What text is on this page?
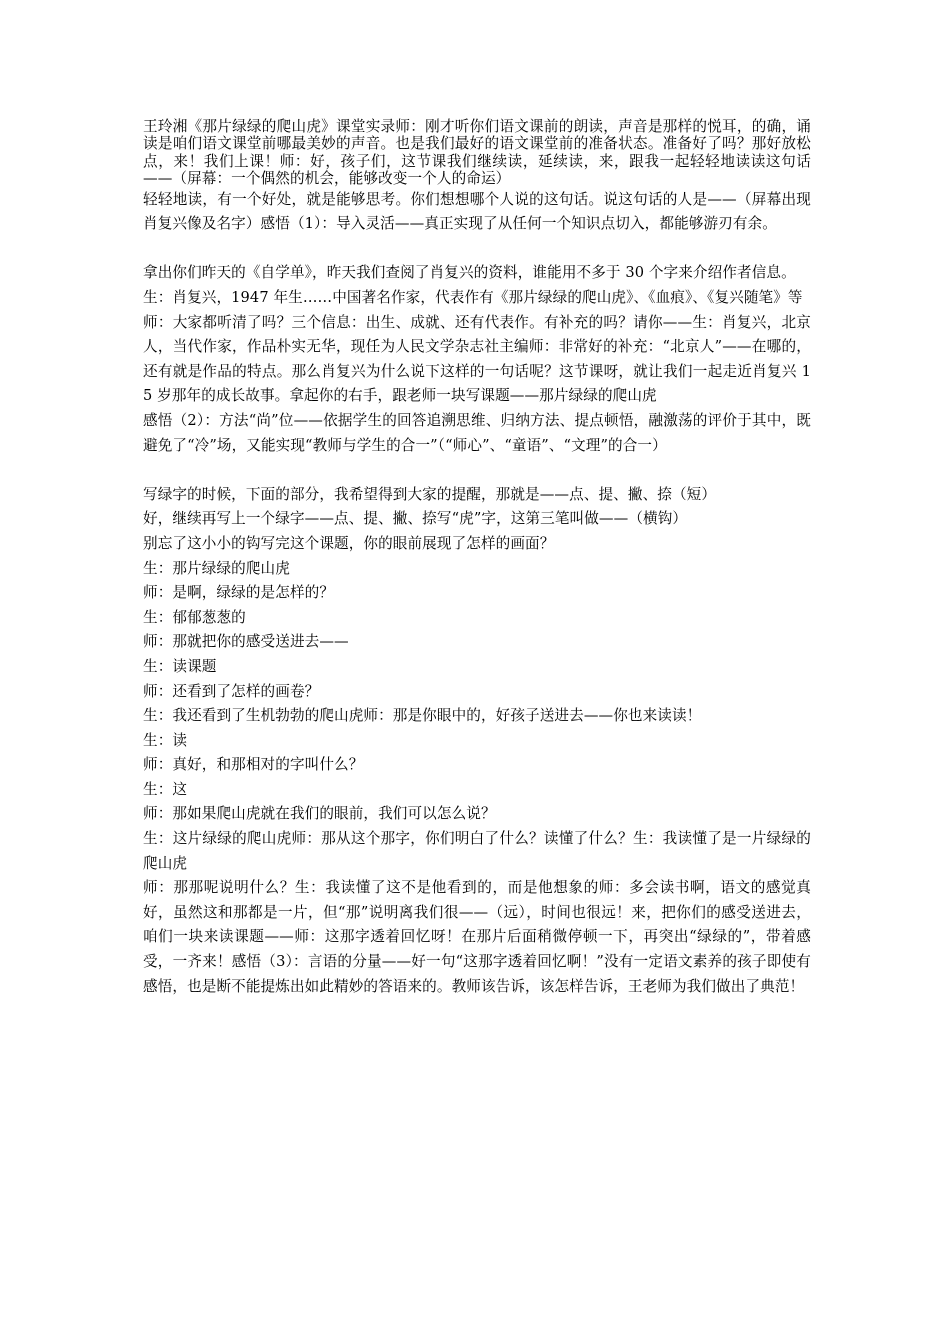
王玲湘《那片绿绿的爬山虎》课堂实录师：刚才听你们语文课前的朗读，声音是那样的悦耳，的确，诵读是咱们语文课堂前哪最美妙的声音。也是我们最好的语文课堂前的准备状态。准备好了吗？那好放松点，来！我们上课！师：好，孩子们，这节课我们继续读，延续读，来，跟我一起轻轻地读读这句话——（屏幕：一个偶然的机会，能够改变一个人的命运）

轻轻地读，有一个好处，就是能够思考。你们想想哪个人说的这句话。说这句话的人是——（屏幕出现肖复兴像及名字）感悟（1）：导入灵活——真正实现了从任何一个知识点切入，都能够游刃有余。

拿出你们昨天的《自学单》，昨天我们查阅了肖复兴的资料，谁能用不多于 30 个字来介绍作者信息。

生：肖复兴，1947 年生……中国著名作家，代表作有《那片绿绿的爬山虎》、《血痕》、《复兴随笔》等

师：大家都听清了吗？三个信息：出生、成就、还有代表作。有补充的吗？请你——生：肖复兴，北京人，当代作家，作品朴实无华，现任为人民文学杂志社主编师：非常好的补充：“北京人”——在哪的，还有就是作品的特点。那么肖复兴为什么说下这样的一句话呢？这节课呀，就让我们一起走近肖复兴 15 岁那年的成长故事。拿起你的右手，跟老师一块写课题——那片绿绿的爬山虎

感悟（2）：方法“尚”位——依据学生的回答追溯思维、归纳方法、提点顿悟，融激荡的评价于其中，既避免了“冷”场，又能实现“教师与学生的合一”（“师心”、“童语”、“文理”的合一）

写绿字的时候，下面的部分，我希望得到大家的提醒，那就是——点、提、撇、捺（短）

好，继续再写上一个绿字——点、提、撇、捺写“虎”字，这第三笔叫做——（横钩）

别忘了这小小的钩写完这个课题，你的眼前展现了怎样的画面？

生：那片绿绿的爬山虎

师：是啊，绿绿的是怎样的？

生：郁郁葱葱的

师：那就把你的感受送进去——

生：读课题

师：还看到了怎样的画卷？

生：我还看到了生机勃勃的爬山虎师：那是你眼中的，好孩子送进去——你也来读读！

生：读

师：真好，和那相对的字叫什么？

生：这

师：那如果爬山虎就在我们的眼前，我们可以怎么说？

生：这片绿绿的爬山虎师：那从这个那字，你们明白了什么？读懂了什么？生：我读懂了是一片绿绿的爬山虎

师：那那呢说明什么？生：我读懂了这不是他看到的，而是他想象的师：多会读书啊，语文的感觉真好，虽然这和那都是一片，但“那”说明离我们很——（远），时间也很远！来，把你们的感受送进去，咱们一块来读课题——师：这那字透着回忆呀！在那片后面稍微停顿一下，再突出“绿绿的”，带着感受，一齐来！感悟（3）：言语的分量——好一句“这那字透着回忆啊！”没有一定语文素养的孩子即使有感悟，也是断不能提炼出如此精妙的答语来的。教师该告诉，该怎样告诉，王老师为我们做出了典范！
